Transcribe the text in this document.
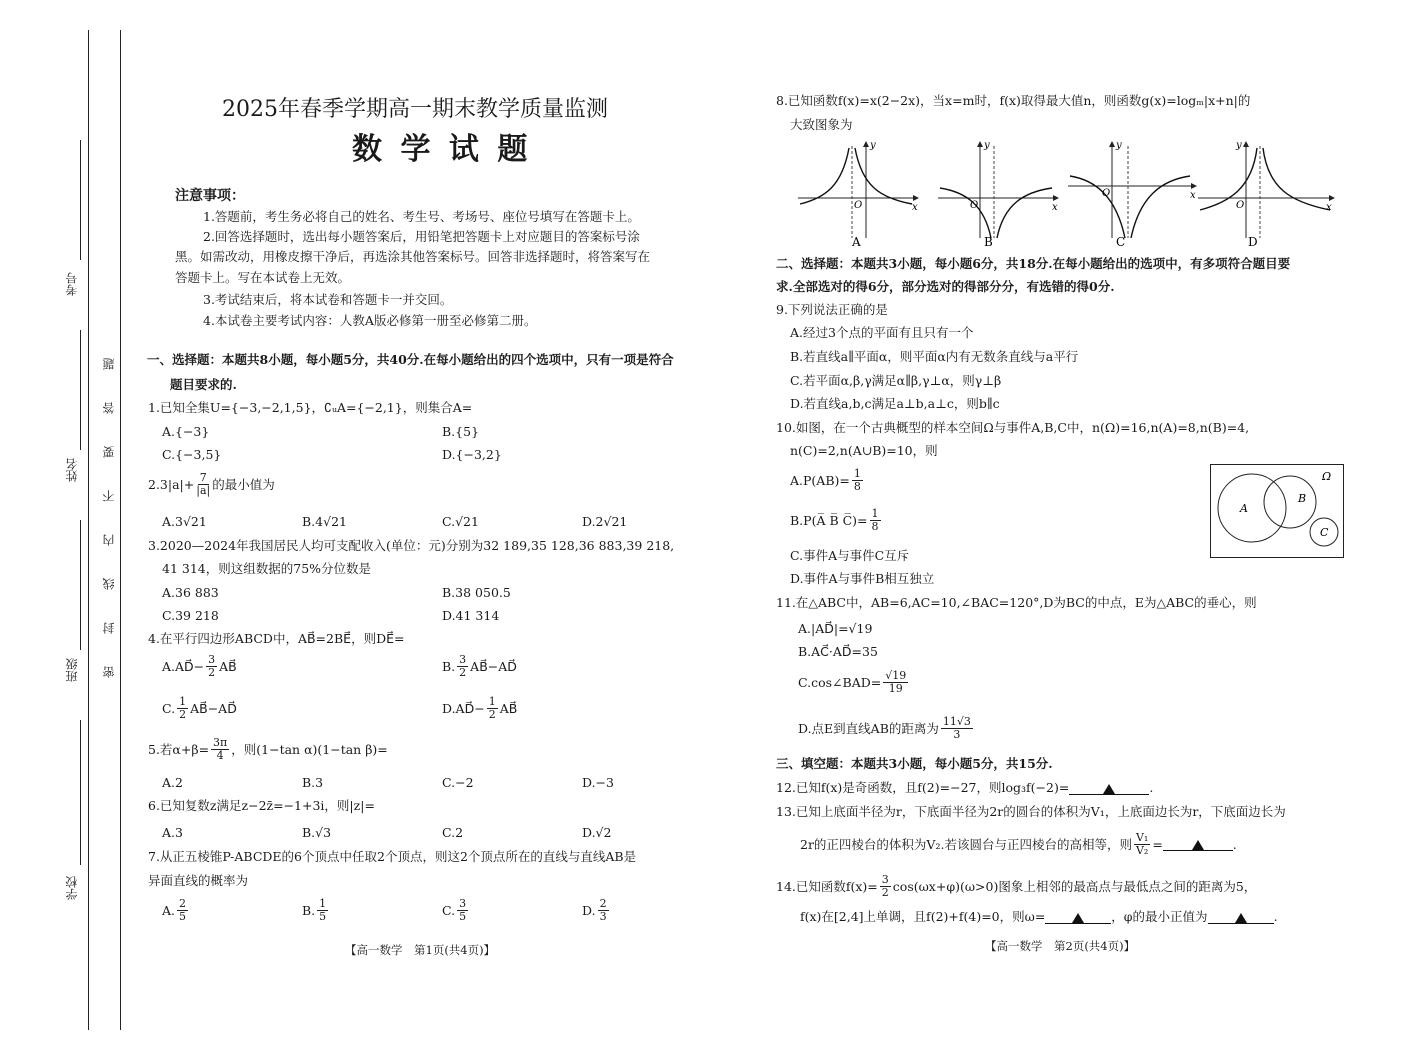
考号
姓名
班级
学校
密
封
线
内
不
要
答
题
2025年春季学期高一期末教学质量监测
数 学 试 题
注意事项：
1.答题前，考生务必将自己的姓名、考生号、考场号、座位号填写在答题卡上。
2.回答选择题时，选出每小题答案后，用铅笔把答题卡上对应题目的答案标号涂
黑。如需改动，用橡皮擦干净后，再选涂其他答案标号。回答非选择题时，将答案写在
答题卡上。写在本试卷上无效。
3.考试结束后，将本试卷和答题卡一并交回。
4.本试卷主要考试内容：人教A版必修第一册至必修第二册。
一、选择题：本题共8小题，每小题5分，共40分.在每小题给出的四个选项中，只有一项是符合
题目要求的.
1.已知全集U={−3,−2,1,5}，∁ᵤA={−2,1}，则集合A=
A.{−3}	B.{5}
C.{−3,5}	D.{−3,2}
$2.3|a|+ \frac{7}{|a|}$ 的最小值为
A.3√21	B.4√21	C.√21	D.2√21
3.2020—2024年我国居民人均可支配收入(单位：元)分别为32 189,35 128,36 883,39 218,
41 314，则这组数据的75%分位数是
A.36 883	B.38 050.5
C.39 218	D.41 314
4.在平行四边形ABCD中，AB⃗=2BE⃗，则DE⃗=
A.AD⃗− $\frac{3}{2}$ AB⃗	B. $\frac{3}{2}$ AB⃗−AD⃗
C. $\frac{1}{2}$ AB⃗−AD⃗	D.AD⃗− $\frac{1}{2}$ AB⃗
5.若$\alpha+\beta= \frac{3\pi}{4}$ ，则(1−tan α)(1−tan β)=
A.2	B.3	C.−2	D.−3
6.已知复数z满足z−2z̄=−1+3i，则|z|=
A.3	B.√3	C.2	D.√2
7.从正五棱锥P-ABCDE的6个顶点中任取2个顶点，则这2个顶点所在的直线与直线AB是
异面直线的概率为
A. $\frac{2}{5}$	B. $\frac{1}{5}$	C. $\frac{3}{5}$	D. $\frac{2}{3}$
【高一数学　第1页(共4页)】
8.已知函数f(x)=x(2−2x)，当x=m时，f(x)取得最大值n，则函数g(x)=logₘ|x+n|的
大致图象为
y
x
O
A
y
x
O
B
y
x
O
C
y
x
O
D
二、选择题：本题共3小题，每小题6分，共18分.在每小题给出的选项中，有多项符合题目要
求.全部选对的得6分，部分选对的得部分分，有选错的得0分.
9.下列说法正确的是
A.经过3个点的平面有且只有一个
B.若直线a∥平面α，则平面α内有无数条直线与a平行
C.若平面α,β,γ满足α∥β,γ⊥α，则γ⊥β
D.若直线a,b,c满足a⊥b,a⊥c，则b∥c
10.如图，在一个古典概型的样本空间Ω与事件A,B,C中，n(Ω)=16,n(A)=8,n(B)=4,
n(C)=2,n(A∪B)=10，则
$A.P(AB)= \frac{1}{8}$
B.P(A̅ B̅ C̅)= $\frac{1}{8}$
C.事件A与事件C互斥
D.事件A与事件B相互独立
Ω
A
B
C
11.在△ABC中，AB=6,AC=10,∠BAC=120°,D为BC的中点，E为△ABC的垂心，则
A.|AD⃗|=√19
B.AC⃗·AD⃗=35
C.cos∠BAD= $\frac{√19}{19}$
D.点E到直线AB的距离为 $\frac{11√3}{3}$
三、填空题：本题共3小题，每小题5分，共15分.
12.已知f(x)是奇函数，且f(2)=−27，则log₃f(−2)=	.
13.已知上底面半径为r，下底面半径为2r的圆台的体积为V₁，上底面边长为r，下底面边长为
2r的正四棱台的体积为V₂.若该圆台与正四棱台的高相等，则 $\frac{\text{V₁}}{\text{V₂}}$ =	.
14.已知函数$f(x)= \frac{3}{2} \cos(\omega x+\varphi)(\omega>0)$图象上相邻的最高点与最低点之间的距离为5，
f(x)在[2,4]上单调，且f(2)+f(4)=0，则ω=	，φ的最小正值为	.
【高一数学　第2页(共4页)】
